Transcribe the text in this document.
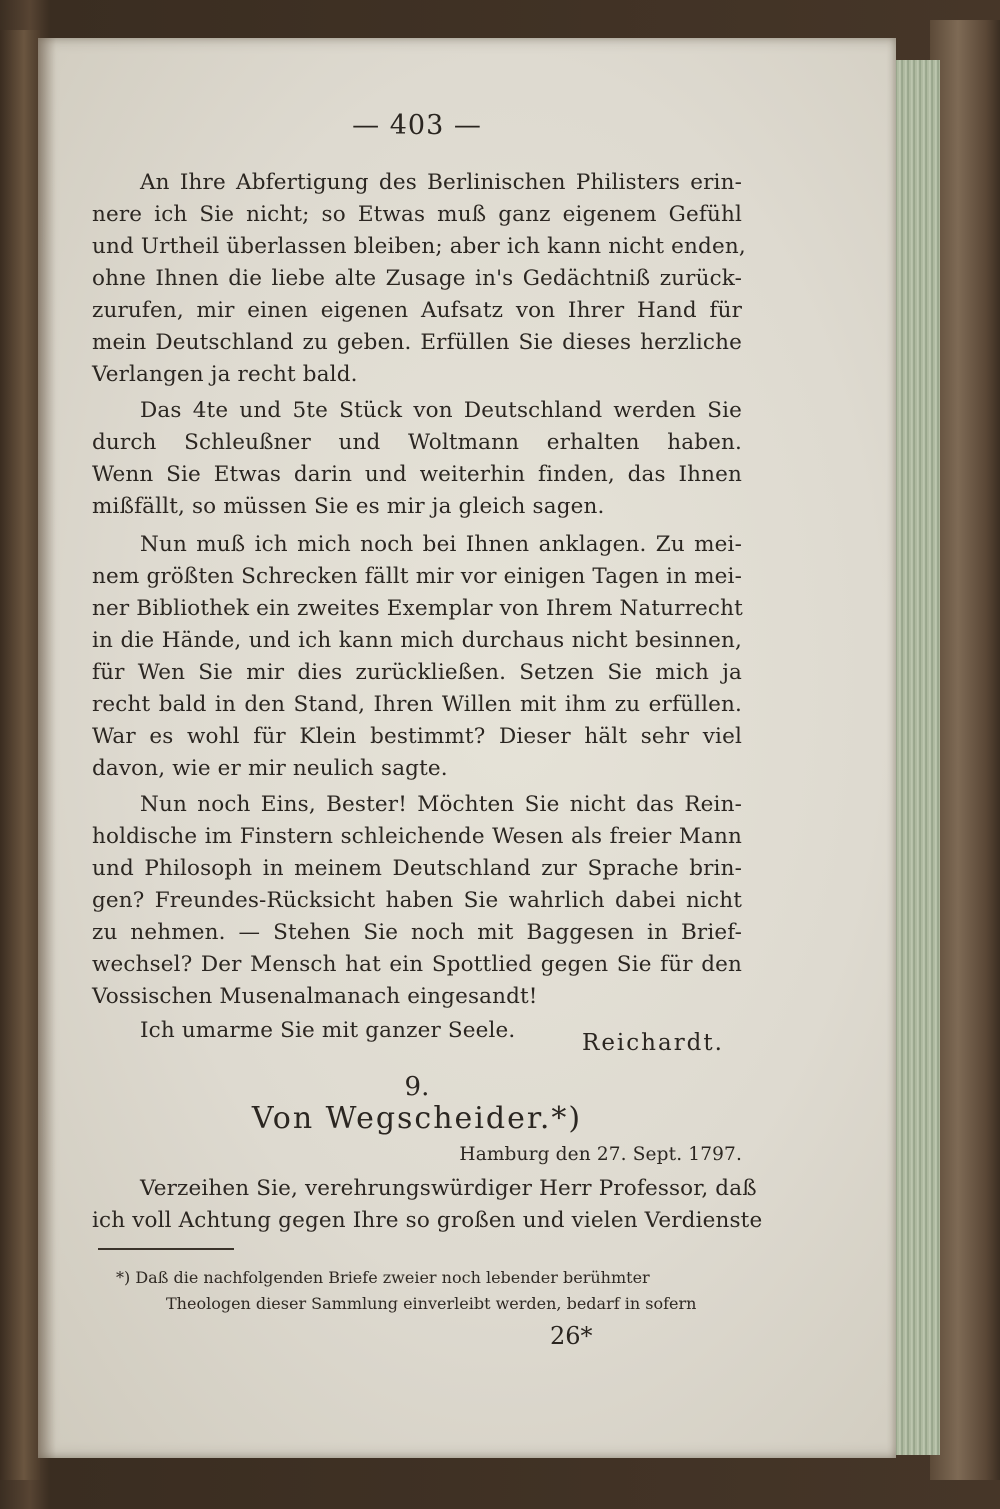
— 403 —
An Ihre Abfertigung des Berlinischen Philisters erin-
nere ich Sie nicht; so Etwas muß ganz eigenem Gefühl
und Urtheil überlassen bleiben; aber ich kann nicht enden,
ohne Ihnen die liebe alte Zusage in's Gedächtniß zurück-
zurufen, mir einen eigenen Aufsatz von Ihrer Hand für
mein Deutschland zu geben. Erfüllen Sie dieses herzliche
Verlangen ja recht bald.
Das 4te und 5te Stück von Deutschland werden Sie
durch Schleußner und Woltmann erhalten haben.
Wenn Sie Etwas darin und weiterhin finden, das Ihnen
mißfällt, so müssen Sie es mir ja gleich sagen.
Nun muß ich mich noch bei Ihnen anklagen. Zu mei-
nem größten Schrecken fällt mir vor einigen Tagen in mei-
ner Bibliothek ein zweites Exemplar von Ihrem Naturrecht
in die Hände, und ich kann mich durchaus nicht besinnen,
für Wen Sie mir dies zurückließen. Setzen Sie mich ja
recht bald in den Stand, Ihren Willen mit ihm zu erfüllen.
War es wohl für Klein bestimmt? Dieser hält sehr viel
davon, wie er mir neulich sagte.
Nun noch Eins, Bester! Möchten Sie nicht das Rein-
holdische im Finstern schleichende Wesen als freier Mann
und Philosoph in meinem Deutschland zur Sprache brin-
gen? Freundes-Rücksicht haben Sie wahrlich dabei nicht
zu nehmen. — Stehen Sie noch mit Baggesen in Brief-
wechsel? Der Mensch hat ein Spottlied gegen Sie für den
Vossischen Musenalmanach eingesandt!
Ich umarme Sie mit ganzer Seele.	Reichardt.
9.
Von Wegscheider.*)
Hamburg den 27. Sept. 1797.
Verzeihen Sie, verehrungswürdiger Herr Professor, daß
ich voll Achtung gegen Ihre so großen und vielen Verdienste
*) Daß die nachfolgenden Briefe zweier noch lebender berühmter
Theologen dieser Sammlung einverleibt werden, bedarf in sofern
26*
